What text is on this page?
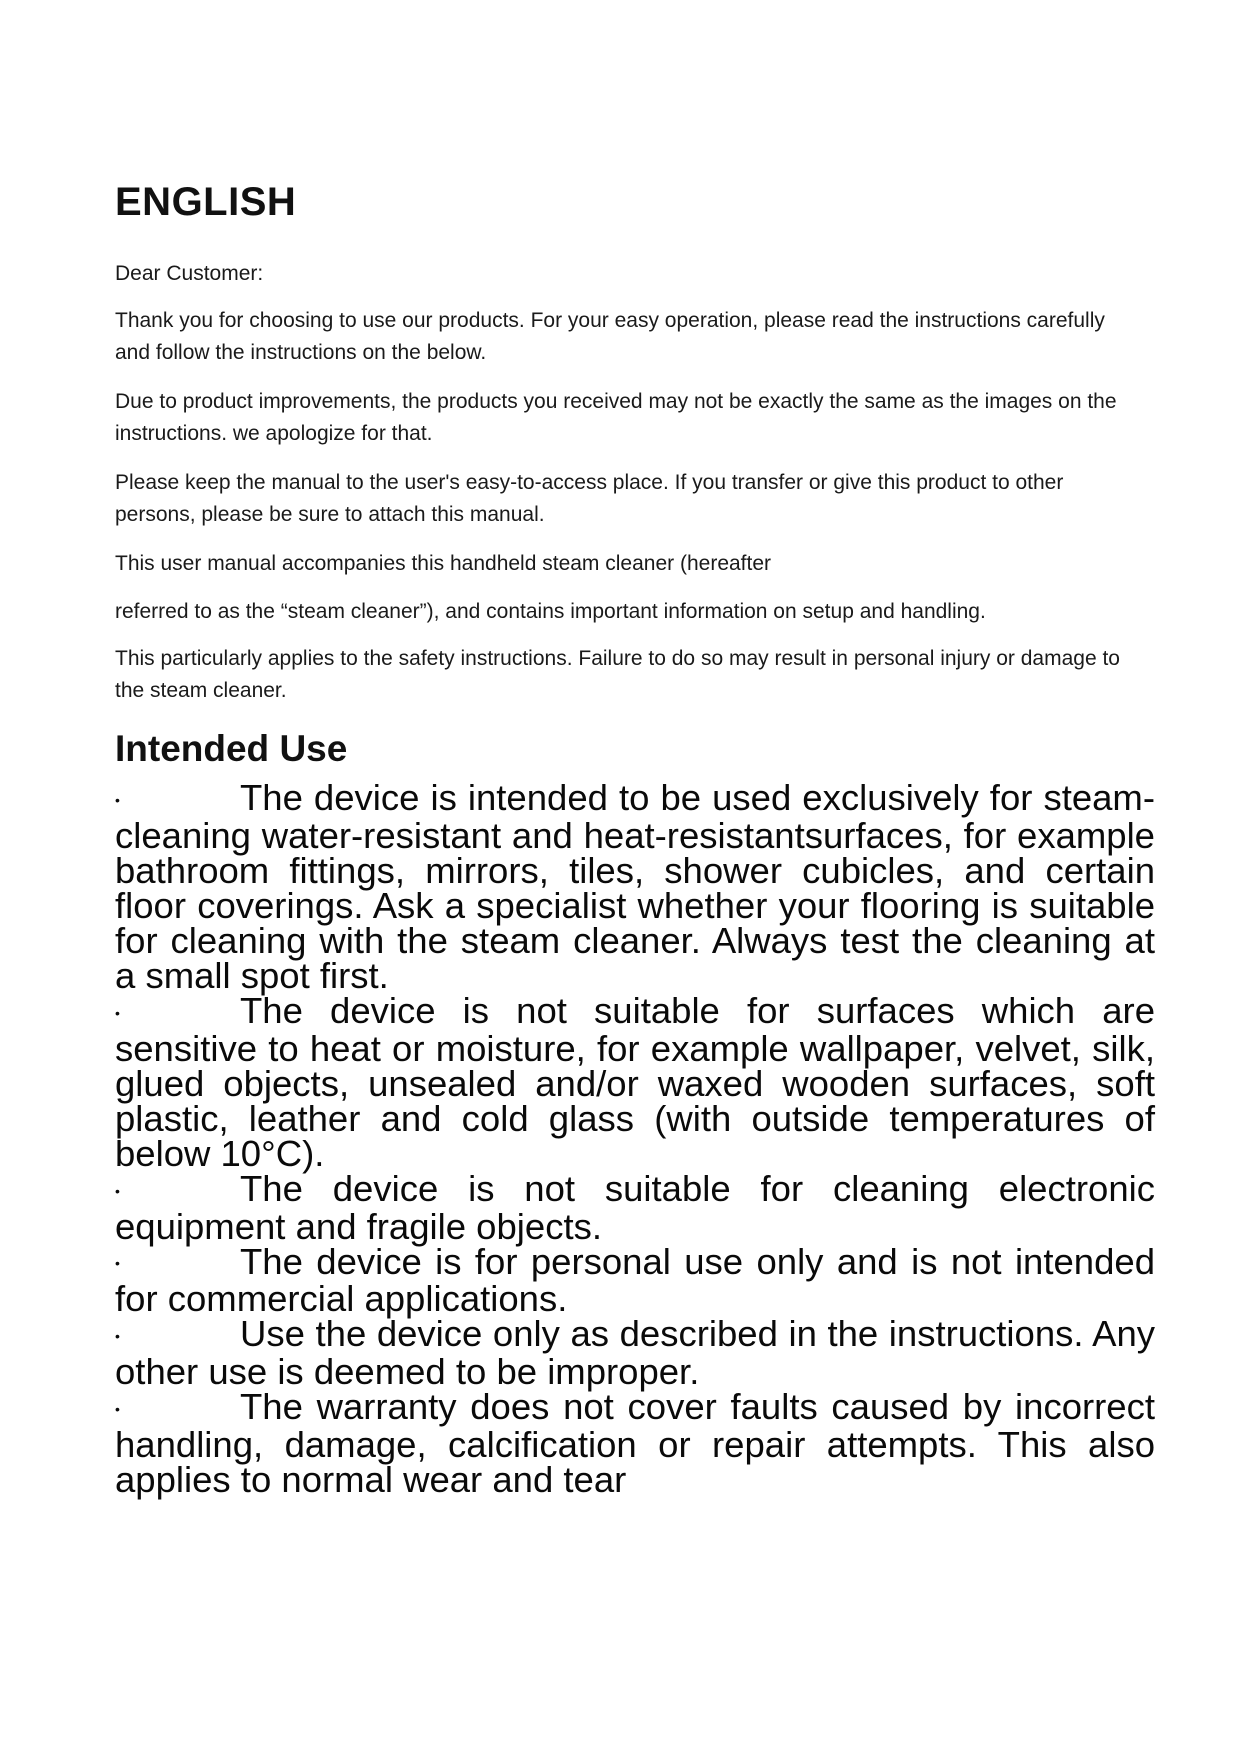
ENGLISH

Dear Customer:

Thank you for choosing to use our products. For your easy operation, please read the instructions carefully and follow the instructions on the below.

Due to product improvements, the products you received may not be exactly the same as the images on the instructions. we apologize for that.

Please keep the manual to the user's easy-to-access place. If you transfer or give this product to other persons, please be sure to attach this manual.

This user manual accompanies this handheld steam cleaner (hereafter

referred to as the “steam cleaner”), and contains important information on setup and handling.

This particularly applies to the safety instructions. Failure to do so may result in personal injury or damage to the steam cleaner.

Intended Use
•	The device is intended to be used exclusively for steam-cleaning water-resistant and heat-resistantsurfaces, for example bathroom fittings, mirrors, tiles, shower cubicles, and certain floor coverings. Ask a specialist whether your flooring is suitable for cleaning with the steam cleaner. Always test the cleaning at a small spot first.
•	The device is not suitable for surfaces which are sensitive to heat or moisture, for example wallpaper, velvet, silk, glued objects, unsealed and/or waxed wooden surfaces, soft plastic, leather and cold glass (with outside temperatures of below 10°C).
•	The device is not suitable for cleaning electronic equipment and fragile objects.
•	The device is for personal use only and is not intended for commercial applications.
•	Use the device only as described in the instructions. Any other use is deemed to be improper.
•	The warranty does not cover faults caused by incorrect handling, damage, calcification or repair attempts. This also applies to normal wear and tear
